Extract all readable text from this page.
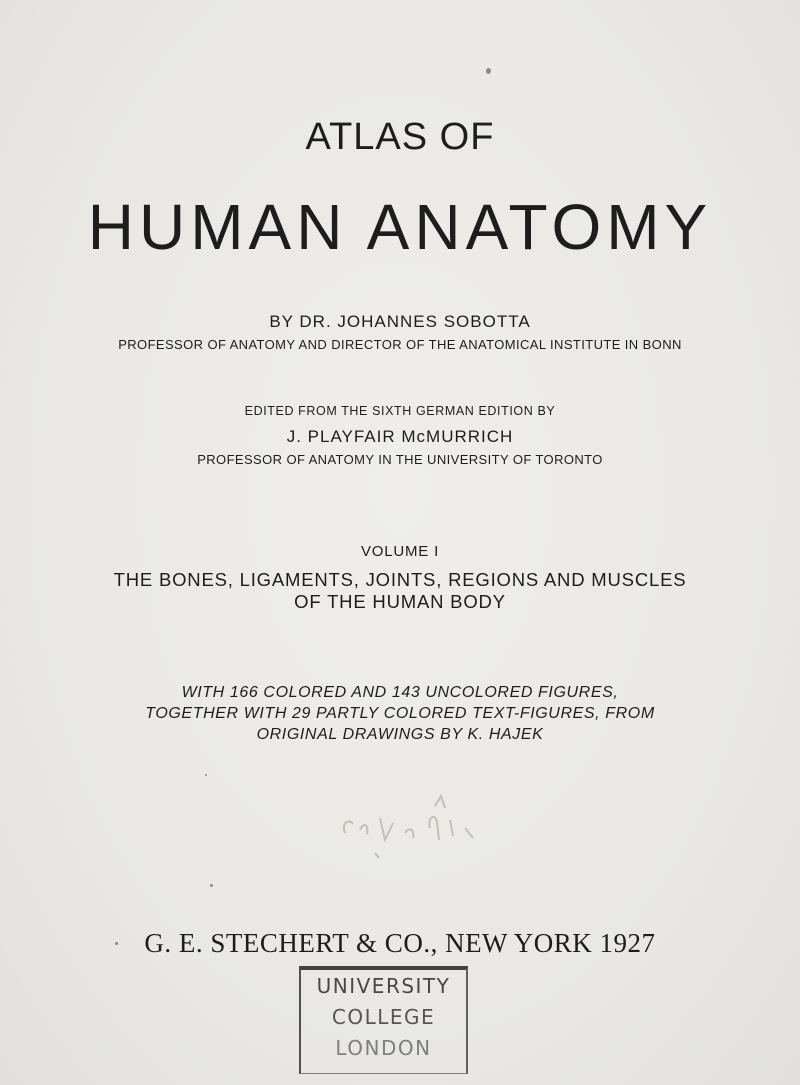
ATLAS OF
HUMAN ANATOMY
BY DR. JOHANNES SOBOTTA
PROFESSOR OF ANATOMY AND DIRECTOR OF THE ANATOMICAL INSTITUTE IN BONN
EDITED FROM THE SIXTH GERMAN EDITION BY
J. PLAYFAIR McMURRICH
PROFESSOR OF ANATOMY IN THE UNIVERSITY OF TORONTO
VOLUME I
THE BONES, LIGAMENTS, JOINTS, REGIONS AND MUSCLES
OF THE HUMAN BODY
WITH 166 COLORED AND 143 UNCOLORED FIGURES,
TOGETHER WITH 29 PARTLY COLORED TEXT-FIGURES, FROM
ORIGINAL DRAWINGS BY K. HAJEK
G. E. STECHERT & CO., NEW YORK 1927
UNIVERSITY
COLLEGE
LONDON
